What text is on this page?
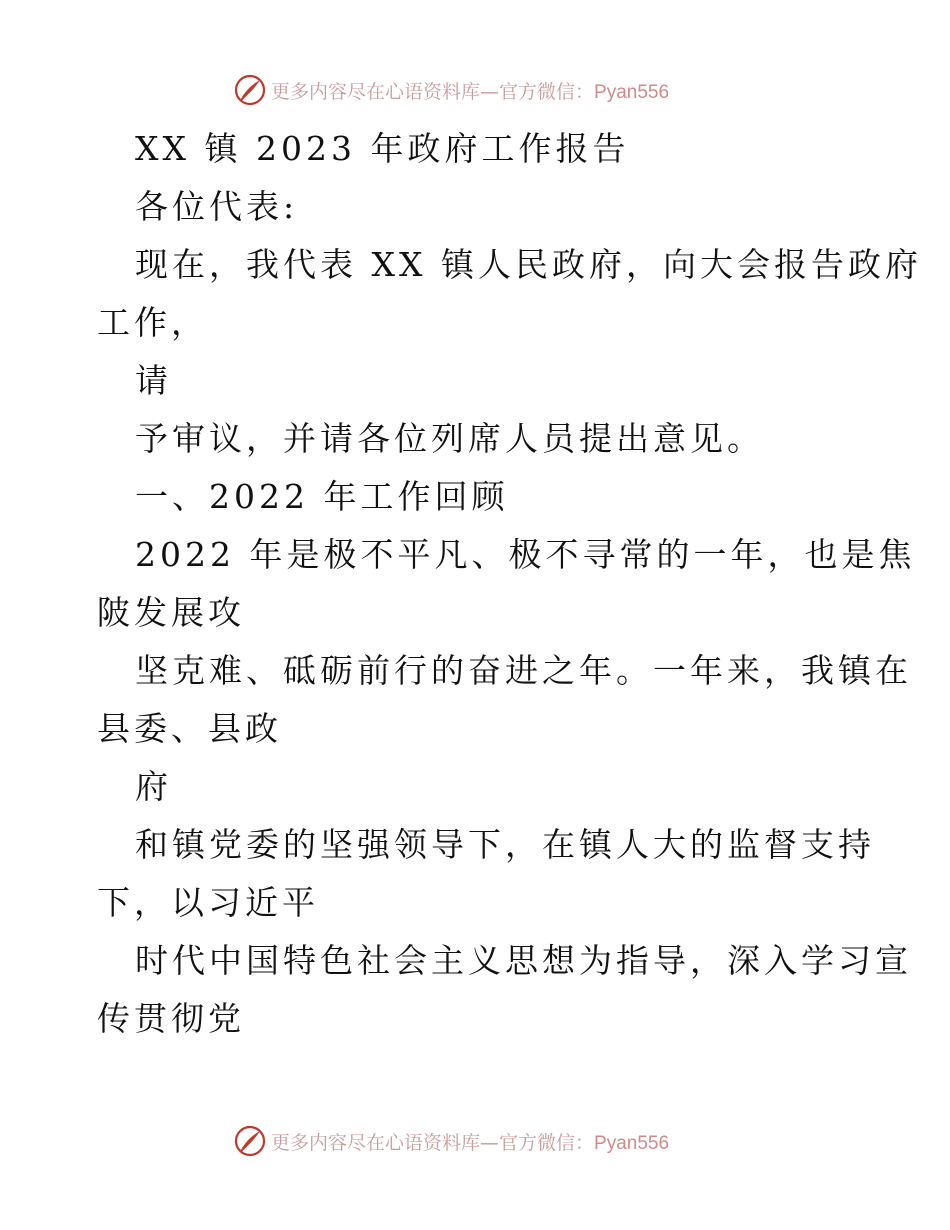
更多内容尽在心语资料库—官方微信：Pyan556
XX 镇 2023 年政府工作报告
各位代表:
现在，我代表 XX 镇人民政府，向大会报告政府
工作，
请
予审议，并请各位列席人员提出意见。
一、2022 年工作回顾
2022 年是极不平凡、极不寻常的一年，也是焦
陂发展攻
坚克难、砥砺前行的奋进之年。一年来，我镇在
县委、县政
府
和镇党委的坚强领导下，在镇人大的监督支持
下，以习近平
时代中国特色社会主义思想为指导，深入学习宣
传贯彻党
更多内容尽在心语资料库—官方微信：Pyan556
